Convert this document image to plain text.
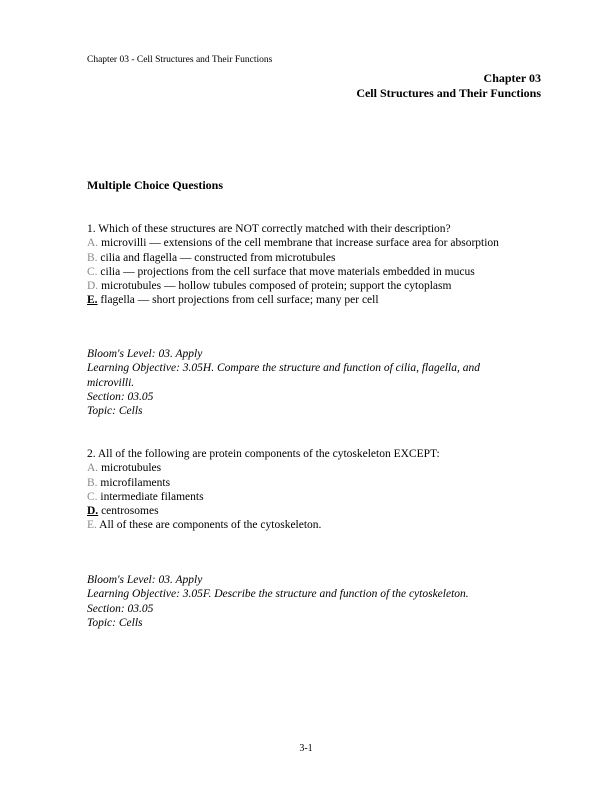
Chapter 03 - Cell Structures and Their Functions
Chapter 03
Cell Structures and Their Functions
Multiple Choice Questions
1. Which of these structures are NOT correctly matched with their description?
A. microvilli — extensions of the cell membrane that increase surface area for absorption
B. cilia and flagella — constructed from microtubules
C. cilia — projections from the cell surface that move materials embedded in mucus
D. microtubules — hollow tubules composed of protein; support the cytoplasm
E. flagella — short projections from cell surface; many per cell
Bloom's Level: 03. Apply
Learning Objective: 3.05H. Compare the structure and function of cilia, flagella, and microvilli.
Section: 03.05
Topic: Cells
2. All of the following are protein components of the cytoskeleton EXCEPT:
A. microtubules
B. microfilaments
C. intermediate filaments
D. centrosomes
E. All of these are components of the cytoskeleton.
Bloom's Level: 03. Apply
Learning Objective: 3.05F. Describe the structure and function of the cytoskeleton.
Section: 03.05
Topic: Cells
3-1
